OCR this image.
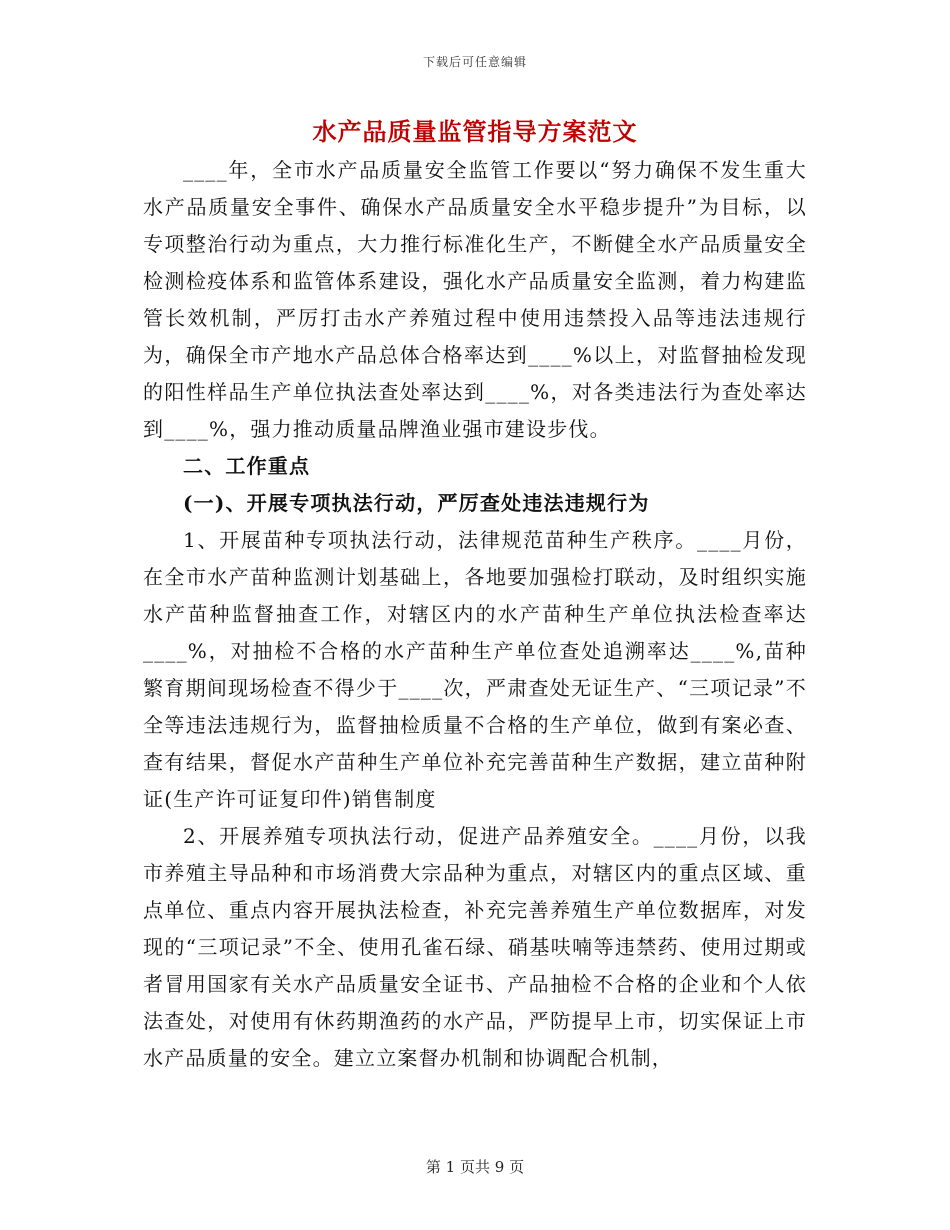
下载后可任意编辑
水产品质量监管指导方案范文

____年，全市水产品质量安全监管工作要以“努力确保不发生重大水产品质量安全事件、确保水产品质量安全水平稳步提升”为目标，以专项整治行动为重点，大力推行标准化生产，不断健全水产品质量安全检测检疫体系和监管体系建设，强化水产品质量安全监测，着力构建监管长效机制，严厉打击水产养殖过程中使用违禁投入品等违法违规行为，确保全市产地水产品总体合格率达到____%以上，对监督抽检发现的阳性样品生产单位执法查处率达到____%，对各类违法行为查处率达到____%，强力推动质量品牌渔业强市建设步伐。

二、工作重点

(一)、开展专项执法行动，严厉查处违法违规行为

1、开展苗种专项执法行动，法律规范苗种生产秩序。____月份，在全市水产苗种监测计划基础上，各地要加强检打联动，及时组织实施水产苗种监督抽查工作，对辖区内的水产苗种生产单位执法检查率达____%，对抽检不合格的水产苗种生产单位查处追溯率达____%,苗种繁育期间现场检查不得少于____次，严肃查处无证生产、“三项记录”不全等违法违规行为，监督抽检质量不合格的生产单位，做到有案必查、查有结果，督促水产苗种生产单位补充完善苗种生产数据，建立苗种附证(生产许可证复印件)销售制度

2、开展养殖专项执法行动，促进产品养殖安全。____月份，以我市养殖主导品种和市场消费大宗品种为重点，对辖区内的重点区域、重点单位、重点内容开展执法检查，补充完善养殖生产单位数据库，对发现的“三项记录”不全、使用孔雀石绿、硝基呋喃等违禁药、使用过期或者冒用国家有关水产品质量安全证书、产品抽检不合格的企业和个人依法查处，对使用有休药期渔药的水产品，严防提早上市，切实保证上市水产品质量的安全。建立立案督办机制和协调配合机制，

第 1 页共 9 页
